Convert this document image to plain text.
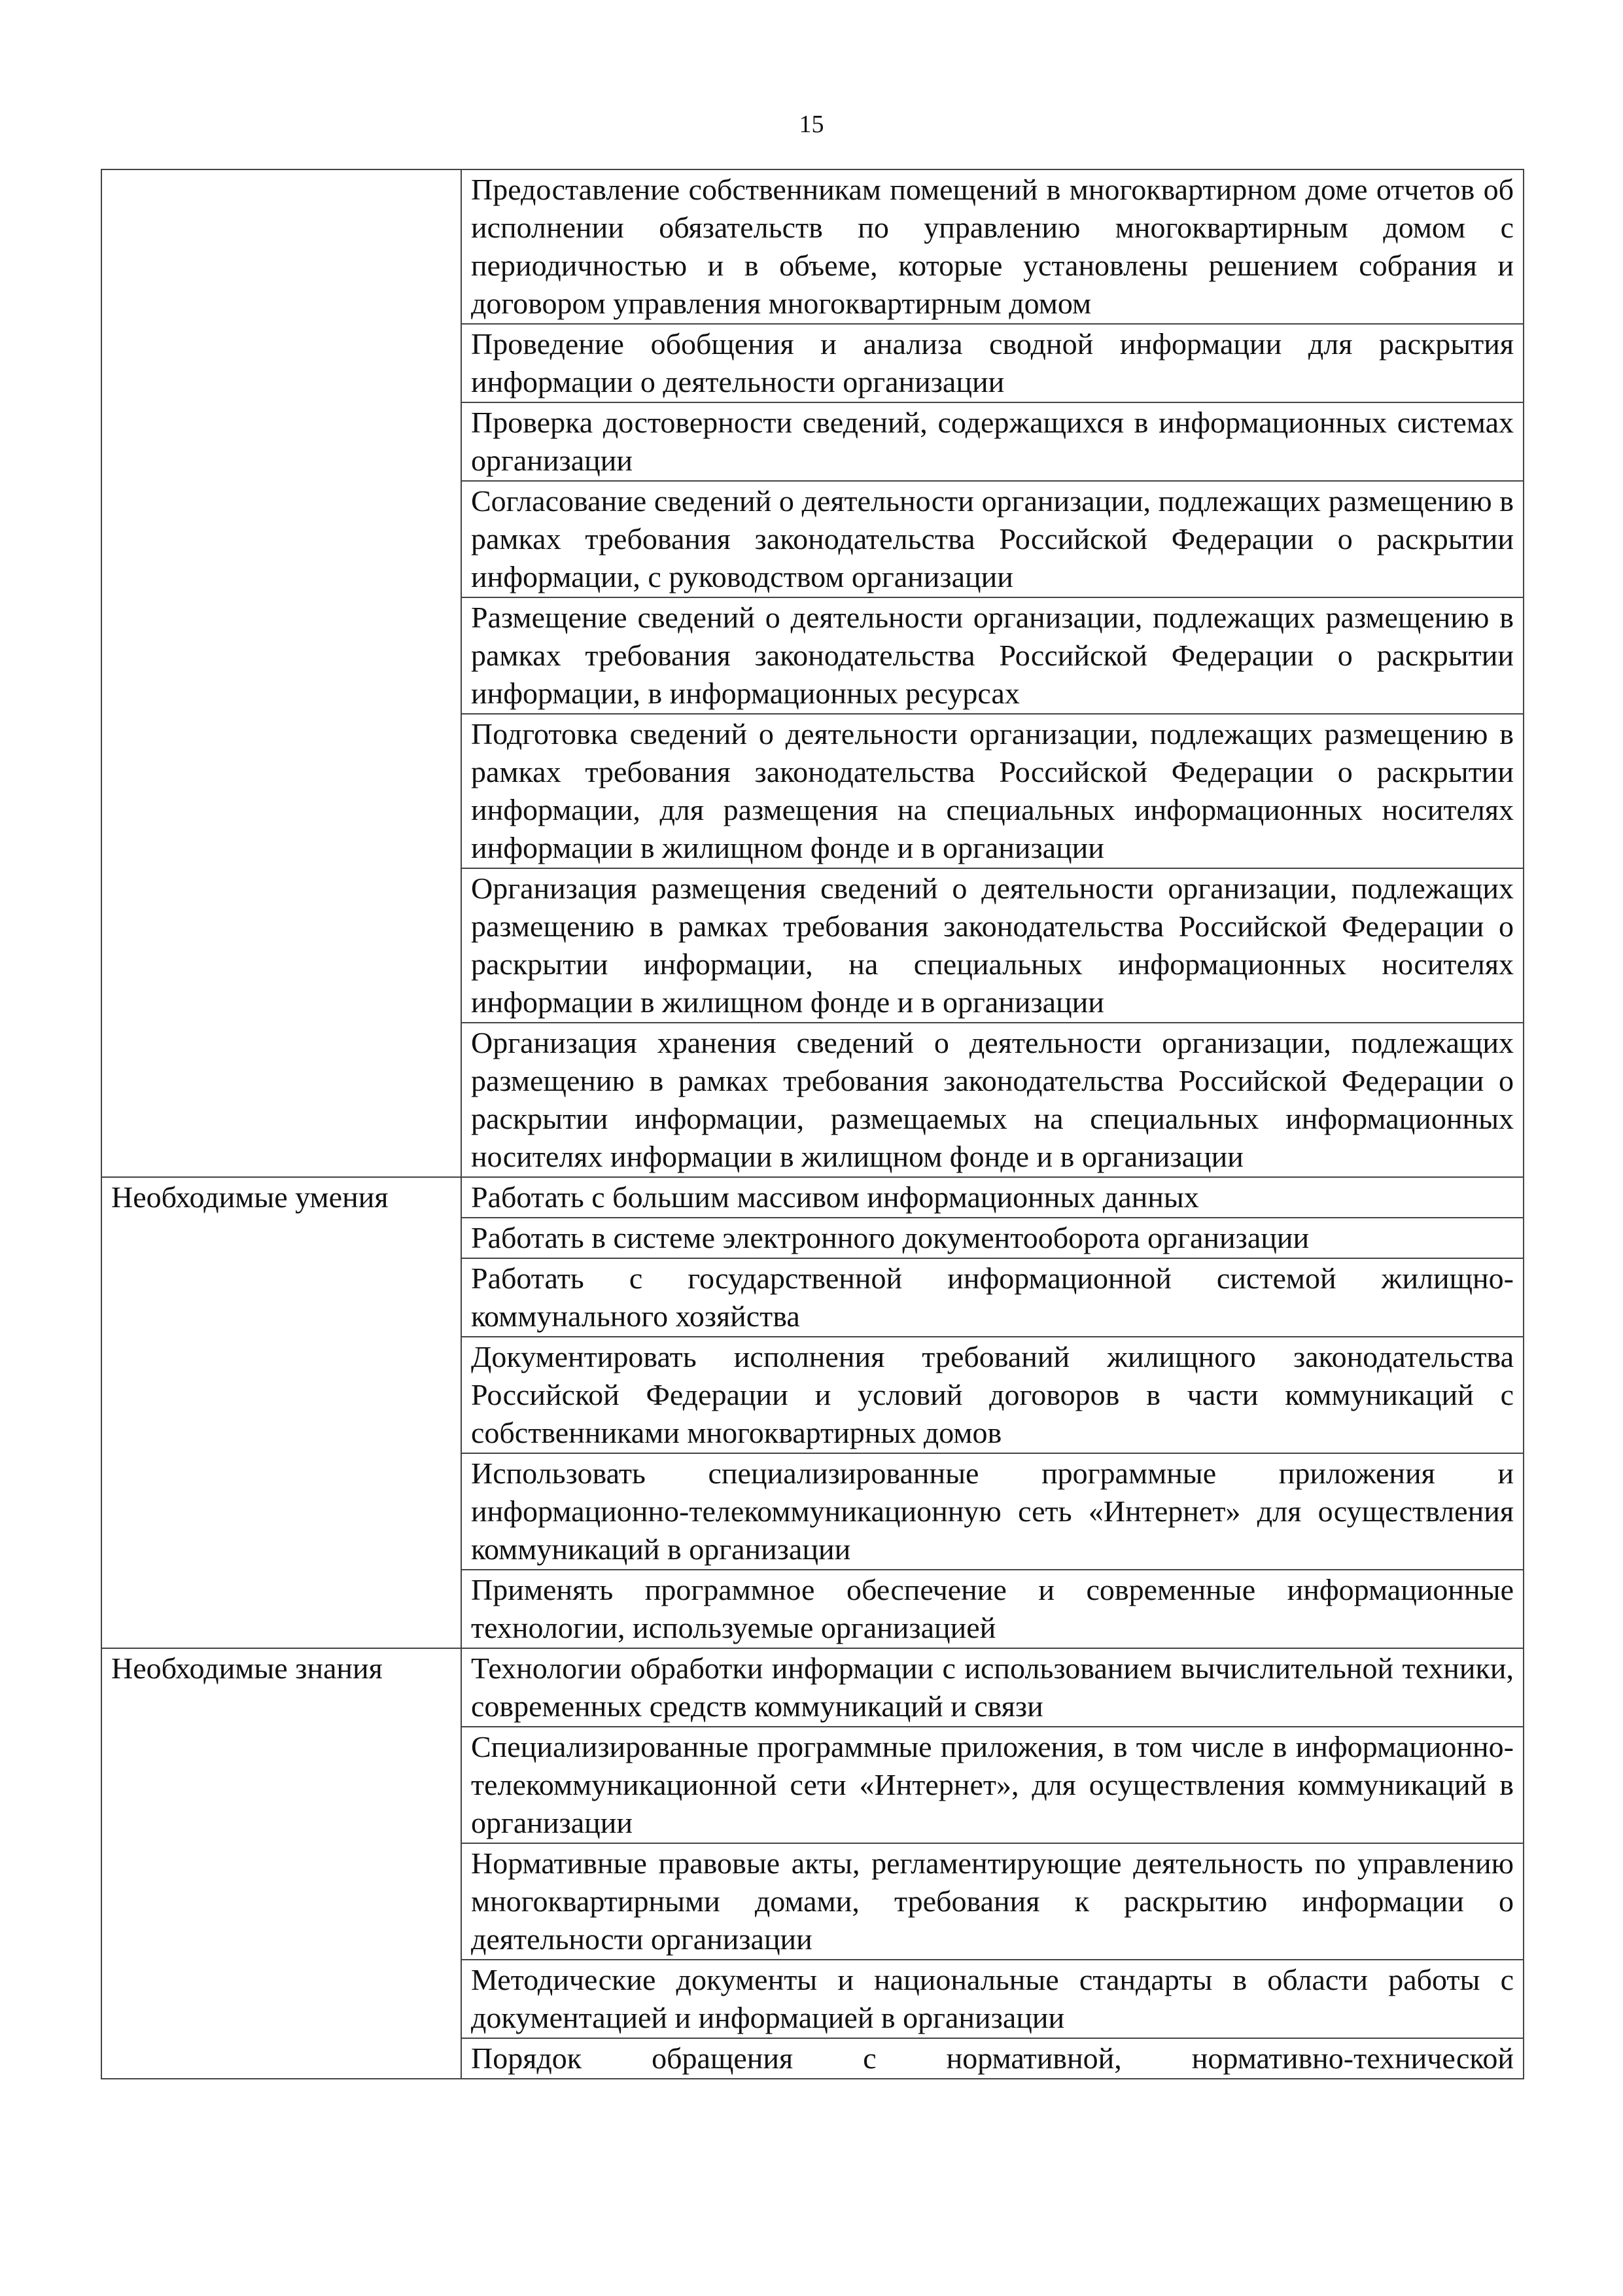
15
	Предоставление собственникам помещений в многоквартирном доме отчетов об исполнении обязательств по управлению многоквартирным домом с периодичностью и в объеме, которые установлены решением собрания и договором управления многоквартирным домом
	Проведение обобщения и анализа сводной информации для раскрытия информации о деятельности организации
	Проверка достоверности сведений, содержащихся в информационных системах организации
	Согласование сведений о деятельности организации, подлежащих размещению в рамках требования законодательства Российской Федерации о раскрытии информации, с руководством организации
	Размещение сведений о деятельности организации, подлежащих размещению в рамках требования законодательства Российской Федерации о раскрытии информации, в информационных ресурсах
	Подготовка сведений о деятельности организации, подлежащих размещению в рамках требования законодательства Российской Федерации о раскрытии информации, для размещения на специальных информационных носителях информации в жилищном фонде и в организации
	Организация размещения сведений о деятельности организации, подлежащих размещению в рамках требования законодательства Российской Федерации о раскрытии информации, на специальных информационных носителях информации в жилищном фонде и в организации
	Организация хранения сведений о деятельности организации, подлежащих размещению в рамках требования законодательства Российской Федерации о раскрытии информации, размещаемых на специальных информационных носителях информации в жилищном фонде и в организации
Необходимые умения	Работать с большим массивом информационных данных
	Работать в системе электронного документооборота организации
	Работать с государственной информационной системой жилищно-коммунального хозяйства
	Документировать исполнения требований жилищного законодательства Российской Федерации и условий договоров в части коммуникаций с собственниками многоквартирных домов
	Использовать специализированные программные приложения и информационно-телекоммуникационную сеть «Интернет» для осуществления коммуникаций в организации
	Применять программное обеспечение и современные информационные технологии, используемые организацией
Необходимые знания	Технологии обработки информации с использованием вычислительной техники, современных средств коммуникаций и связи
	Специализированные программные приложения, в том числе в информационно-телекоммуникационной сети «Интернет», для осуществления коммуникаций в организации
	Нормативные правовые акты, регламентирующие деятельность по управлению многоквартирными домами, требования к раскрытию информации о деятельности организации
	Методические документы и национальные стандарты в области работы с документацией и информацией в организации
	Порядок обращения с нормативной, нормативно-технической
